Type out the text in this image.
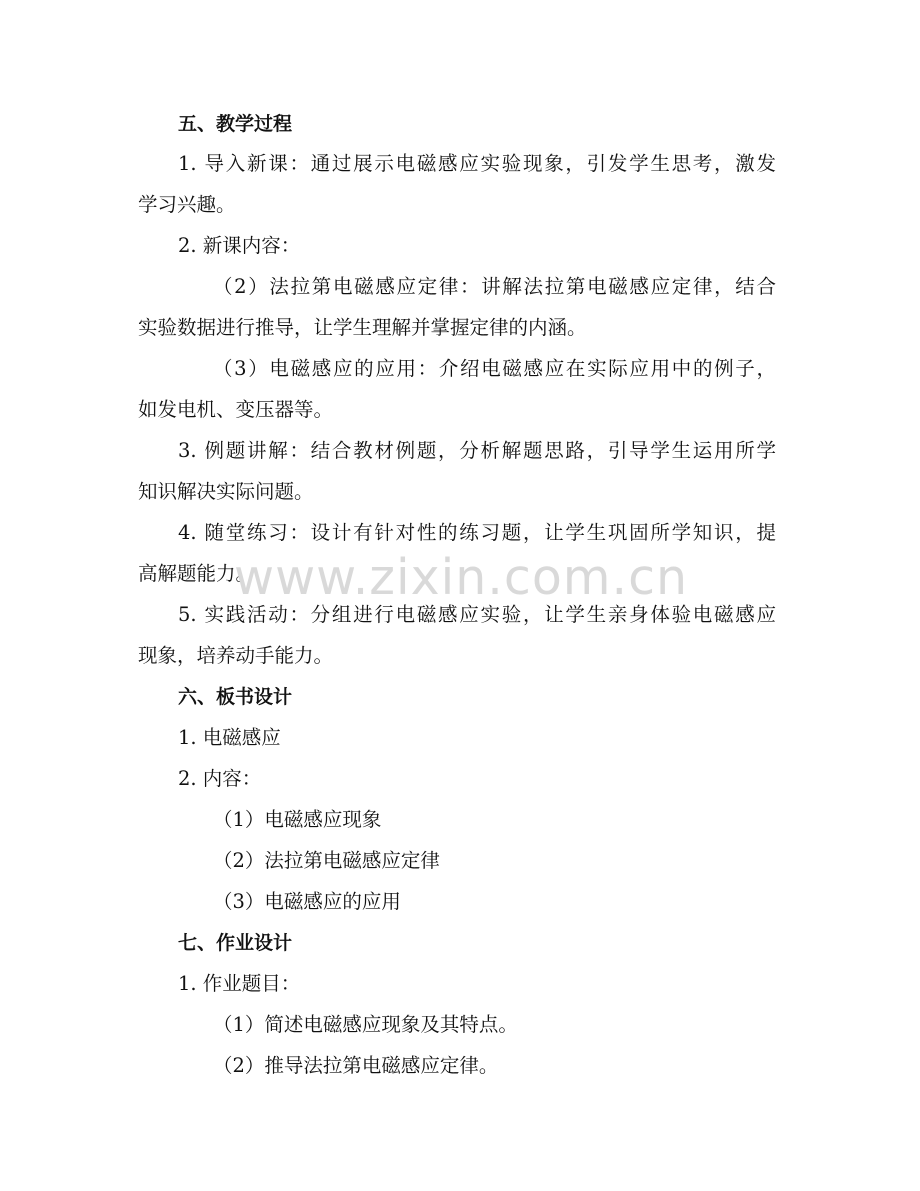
五、教学过程
1. 导入新课：通过展示电磁感应实验现象，引发学生思考，激发
学习兴趣。
2. 新课内容：
（2）法拉第电磁感应定律：讲解法拉第电磁感应定律，结合
实验数据进行推导，让学生理解并掌握定律的内涵。
（3）电磁感应的应用：介绍电磁感应在实际应用中的例子，
如发电机、变压器等。
3. 例题讲解：结合教材例题，分析解题思路，引导学生运用所学
知识解决实际问题。
4. 随堂练习：设计有针对性的练习题，让学生巩固所学知识，提
高解题能力。
5. 实践活动：分组进行电磁感应实验，让学生亲身体验电磁感应
现象，培养动手能力。
六、板书设计
1. 电磁感应
2. 内容：
（1）电磁感应现象
（2）法拉第电磁感应定律
（3）电磁感应的应用
七、作业设计
1. 作业题目：
（1）简述电磁感应现象及其特点。
（2）推导法拉第电磁感应定律。
www.zixin.com.cn
